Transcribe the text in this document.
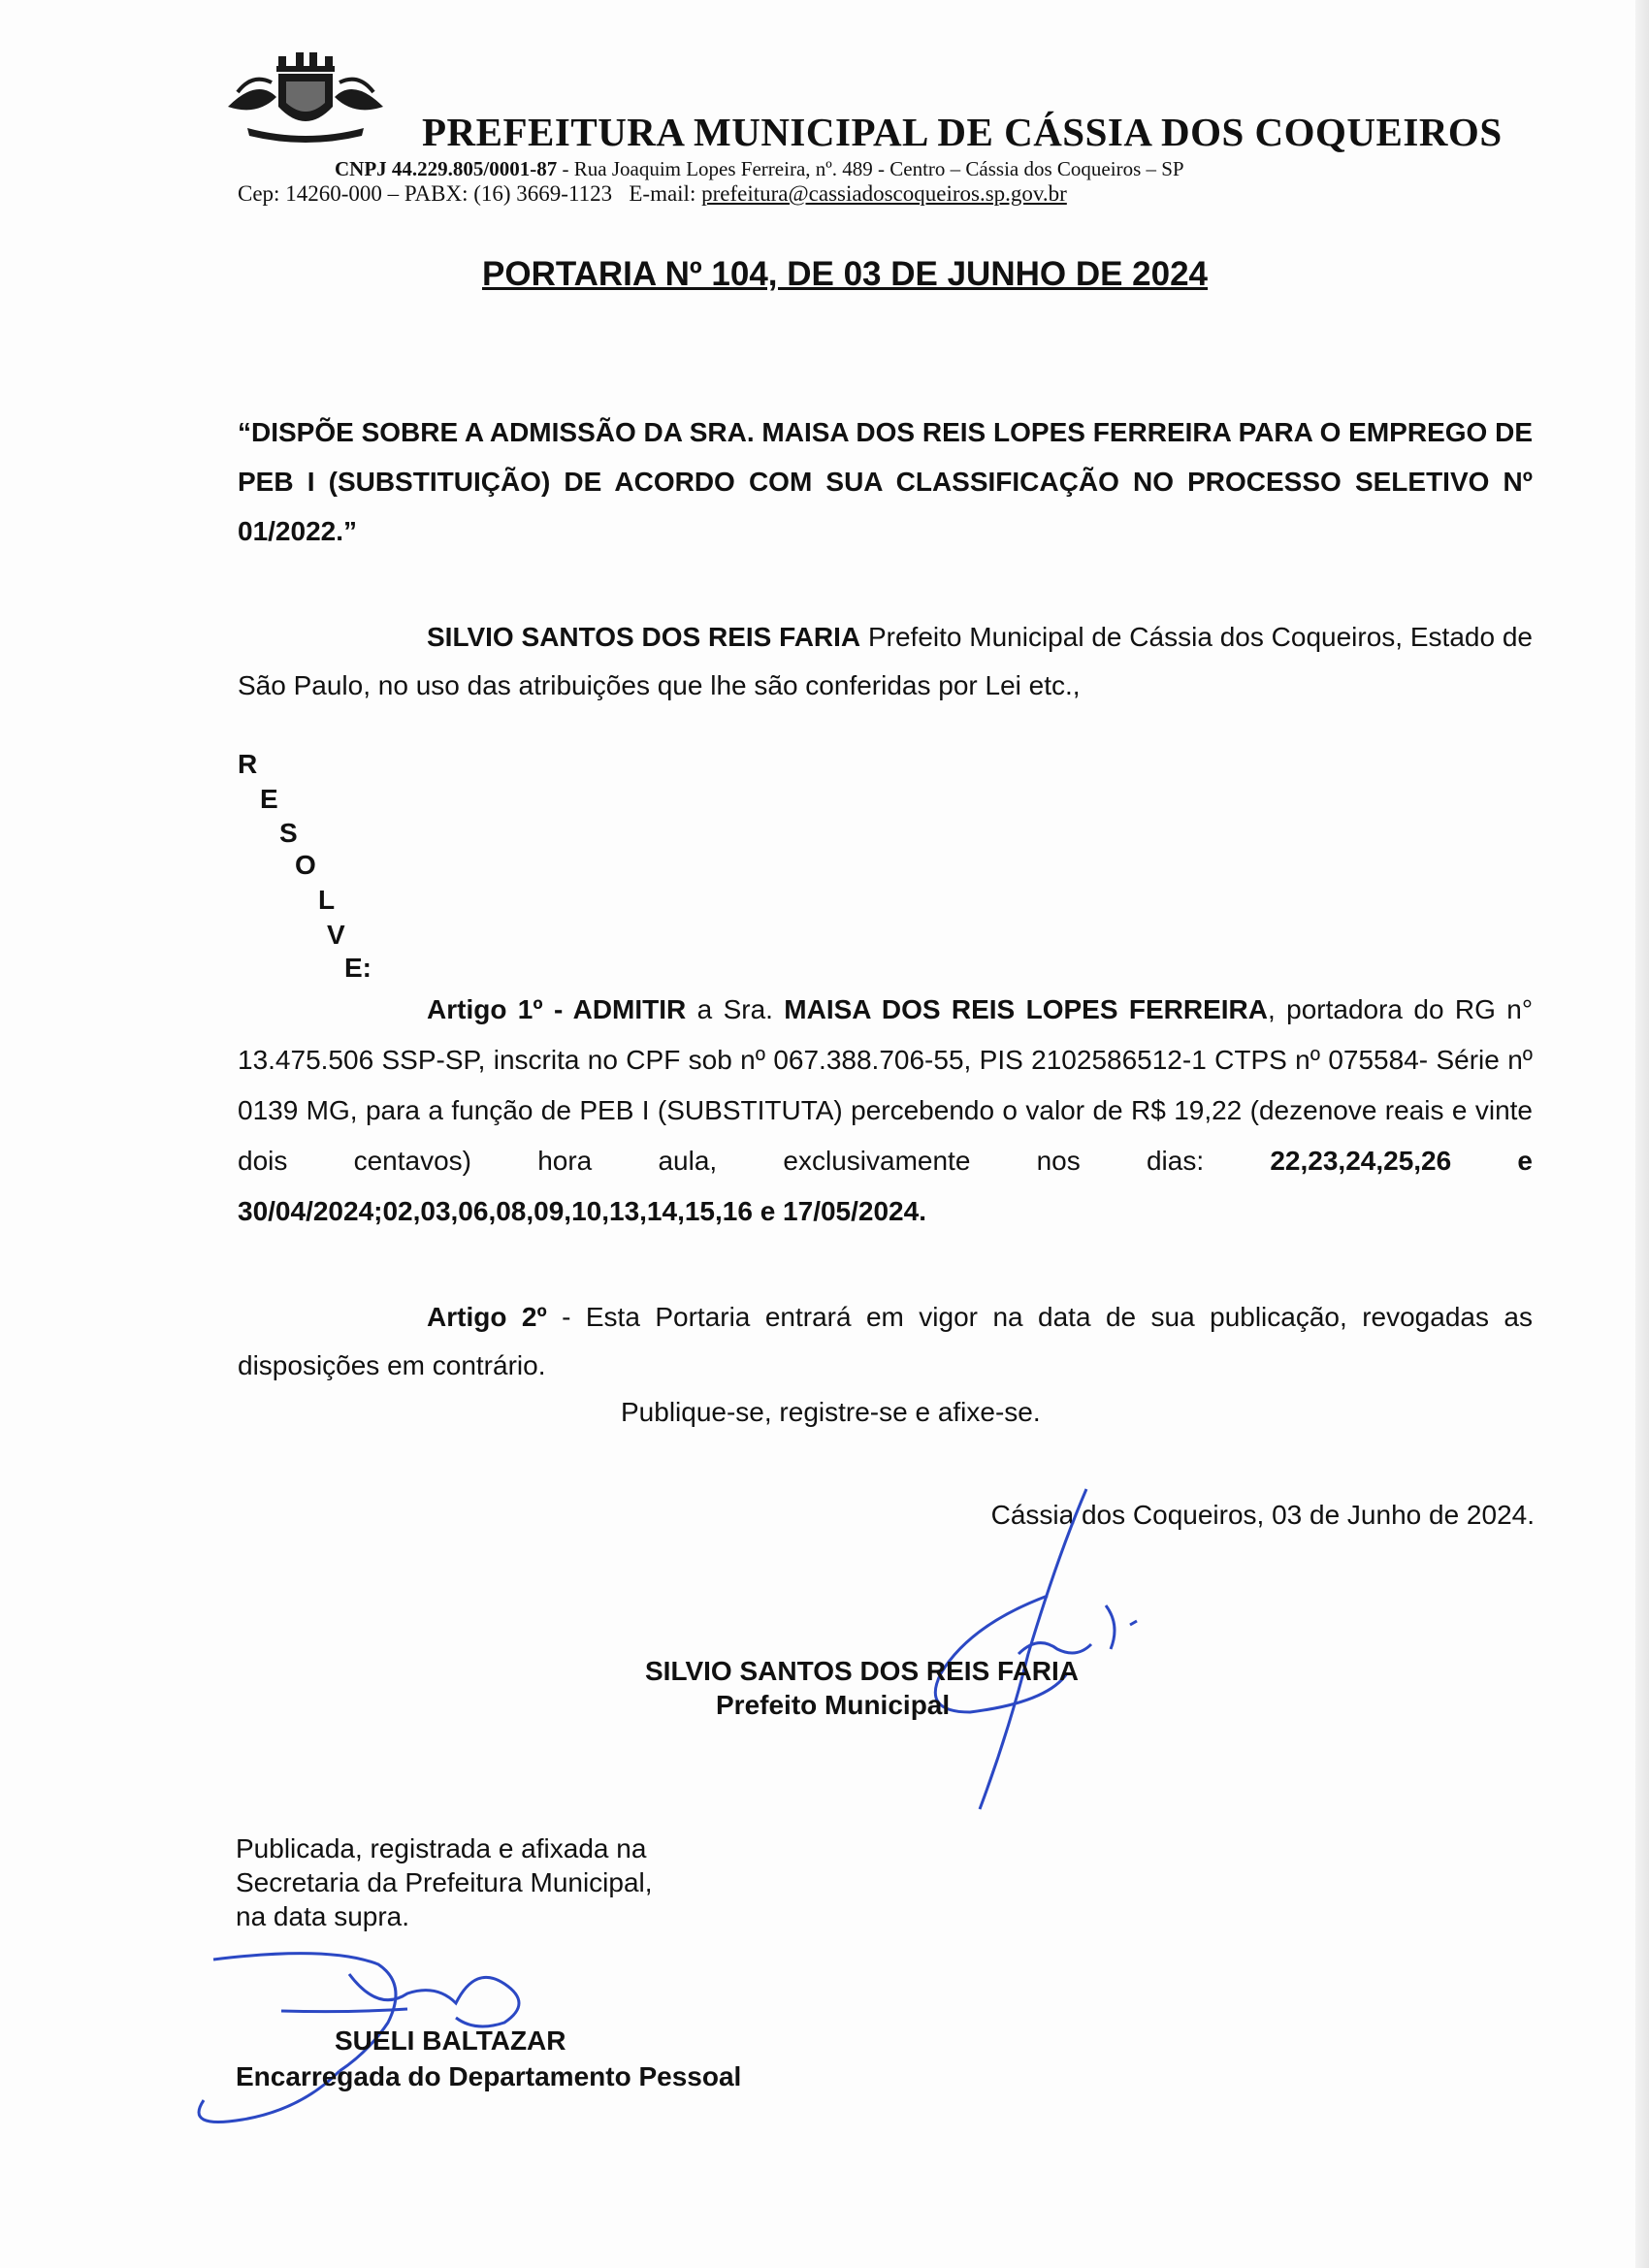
PREFEITURA MUNICIPAL DE CÁSSIA DOS COQUEIROS
CNPJ 44.229.805/0001-87 - Rua Joaquim Lopes Ferreira, nº. 489 - Centro – Cássia dos Coqueiros – SP
Cep: 14260-000 – PABX: (16) 3669-1123 E-mail: prefeitura@cassiadoscoqueiros.sp.gov.br
PORTARIA Nº 104, DE 03 DE JUNHO DE 2024
“DISPÕE SOBRE A ADMISSÃO DA SRA. MAISA DOS REIS LOPES FERREIRA PARA O EMPREGO DE PEB I (SUBSTITUIÇÃO) DE ACORDO COM SUA CLASSIFICAÇÃO NO PROCESSO SELETIVO Nº 01/2022.”
SILVIO SANTOS DOS REIS FARIA Prefeito Municipal de Cássia dos Coqueiros, Estado de São Paulo, no uso das atribuições que lhe são conferidas por Lei etc.,
R
E
S
O
L
V
E:
Artigo 1º - ADMITIR a Sra. MAISA DOS REIS LOPES FERREIRA, portadora do RG n° 13.475.506 SSP-SP, inscrita no CPF sob nº 067.388.706-55, PIS 2102586512-1 CTPS nº 075584- Série nº 0139 MG, para a função de PEB I (SUBSTITUTA) percebendo o valor de R$ 19,22 (dezenove reais e vinte dois centavos) hora aula, exclusivamente nos dias: 22,23,24,25,26 e 30/04/2024;02,03,06,08,09,10,13,14,15,16 e 17/05/2024.
Artigo 2º - Esta Portaria entrará em vigor na data de sua publicação, revogadas as disposições em contrário.
Publique-se, registre-se e afixe-se.
Cássia dos Coqueiros, 03 de Junho de 2024.
SILVIO SANTOS DOS REIS FARIA
Prefeito Municipal
Publicada, registrada e afixada na
Secretaria da Prefeitura Municipal,
na data supra.
SUELI BALTAZAR
Encarregada do Departamento Pessoal
